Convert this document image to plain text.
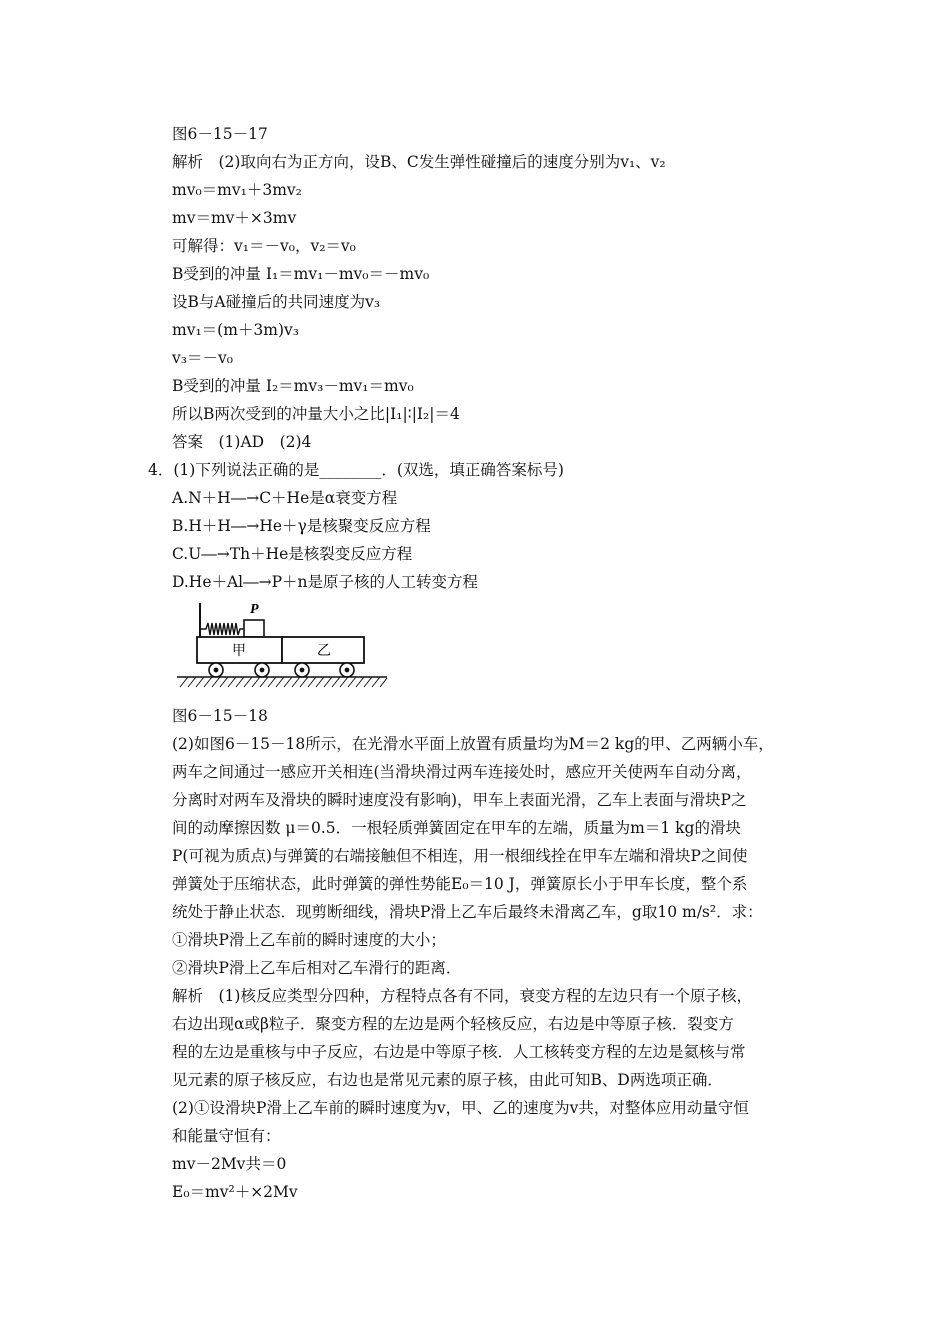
图6－15－17
解析　(2)取向右为正方向，设B、C发生弹性碰撞后的速度分别为v₁、v₂
mv₀＝mv₁＋3mv₂
mv＝mv＋×3mv
可解得：v₁＝－v₀，v₂＝v₀
B受到的冲量 I₁＝mv₁－mv₀＝－mv₀
设B与A碰撞后的共同速度为v₃
mv₁＝(m＋3m)v₃
v₃＝－v₀
B受到的冲量 I₂＝mv₃－mv₁＝mv₀
所以B两次受到的冲量大小之比|I₁|∶|I₂|＝4
答案　(1)AD　(2)4
4．(1)下列说法正确的是________．(双选，填正确答案标号)
A.N＋H―→C＋He是α衰变方程
B.H＋H―→He＋γ是核聚变反应方程
C.U―→Th＋He是核裂变反应方程
D.He＋Al―→P＋n是原子核的人工转变方程
P
甲	乙
图6－15－18
(2)如图6－15－18所示，在光滑水平面上放置有质量均为M＝2 kg的甲、乙两辆小车，
两车之间通过一感应开关相连(当滑块滑过两车连接处时，感应开关使两车自动分离，
分离时对两车及滑块的瞬时速度没有影响)，甲车上表面光滑，乙车上表面与滑块P之
间的动摩擦因数 μ＝0.5．一根轻质弹簧固定在甲车的左端，质量为m＝1 kg的滑块
P(可视为质点)与弹簧的右端接触但不相连，用一根细线拴在甲车左端和滑块P之间使
弹簧处于压缩状态，此时弹簧的弹性势能E₀＝10 J，弹簧原长小于甲车长度，整个系
统处于静止状态．现剪断细线，滑块P滑上乙车后最终未滑离乙车，g取10 m/s²．求：
①滑块P滑上乙车前的瞬时速度的大小；
②滑块P滑上乙车后相对乙车滑行的距离．
解析　(1)核反应类型分四种，方程特点各有不同，衰变方程的左边只有一个原子核，
右边出现α或β粒子．聚变方程的左边是两个轻核反应，右边是中等原子核．裂变方
程的左边是重核与中子反应，右边是中等原子核．人工核转变方程的左边是氦核与常
见元素的原子核反应，右边也是常见元素的原子核，由此可知B、D两选项正确．
(2)①设滑块P滑上乙车前的瞬时速度为v，甲、乙的速度为v共，对整体应用动量守恒
和能量守恒有：
mv－2Mv共＝0
E₀＝mv²＋×2Mv
